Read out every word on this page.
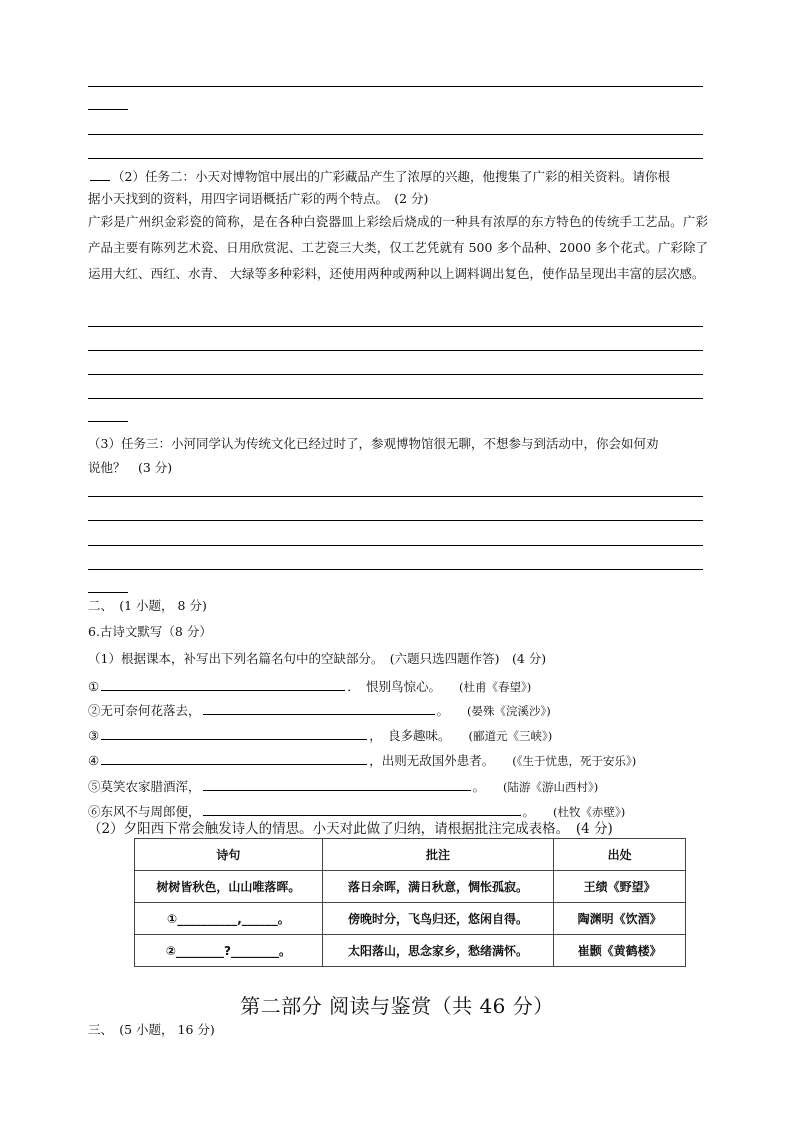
（2）任务二：小天对博物馆中展出的广彩藏品产生了浓厚的兴趣，他搜集了广彩的相关资料。请你根
据小天找到的资料，用四字词语概括广彩的两个特点。　(2 分)
广彩是广州织金彩瓷的简称，是在各种白瓷器皿上彩绘后烧成的一种具有浓厚的东方特色的传统手工艺品。广彩产品主要有陈列艺术瓷、日用欣赏泥、工艺瓷三大类，仅工艺凭就有 500 多个品种、2000 多个花式。广彩除了运用大红、西红、水青、 大绿等多种彩料，还使用两种或两种以上调料调出复色，使作品呈现出丰富的层次感。
（3）任务三：小河同学认为传统文化已经过时了，参观博物馆很无聊，不想参与到活动中，你会如何劝
说他？　(3 分)
二、　(1 小题， 8 分)
6.古诗文默写（8 分）
（1）根据课本，补写出下列名篇名句中的空缺部分。　(六题只选四题作答)　(4 分)
①	．　恨别鸟惊心。 (杜甫《春望》)
②无可奈何花落去，	。 (晏殊《浣溪沙》)
③	，　良多趣味。 (郦道元《三峡》)
④	，出则无敌国外患者。 (《生于忧患，死于安乐》)
⑤莫笑农家腊酒浑，	。 (陆游《游山西村》)
⑥东风不与周郎便，	。 (杜牧《赤壁》)
（2）夕阳西下常会触发诗人的情思。小天对此做了归纳，请根据批注完成表格。　(4 分)
诗句	批注	出处
树树皆秋色，山山唯落晖。	落日余晖，满日秋意，惆怅孤寂。	王绩《野望》
①__________,______。	傍晚时分，飞鸟归还，悠闲自得。	陶渊明《饮酒》
②________?________。	太阳落山，思念家乡，愁绪满怀。	崔颢《黄鹤楼》
第二部分 阅读与鉴赏（共 46 分）
三、　(5 小题， 16 分)
